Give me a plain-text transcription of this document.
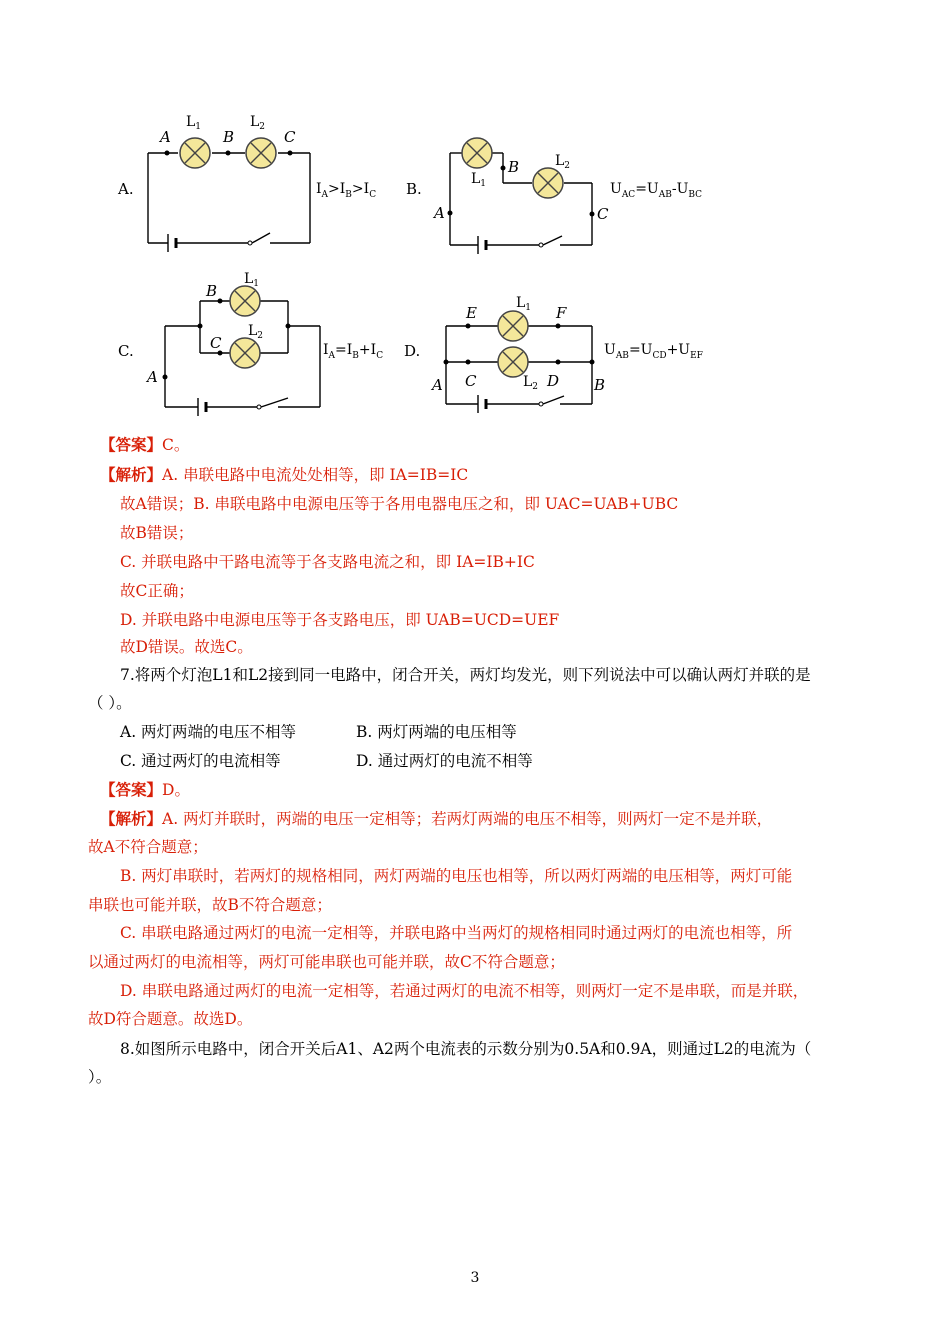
A.
A	B	C
$L_1$	$L_2$
$I_A>I_B>I_C$ B.
A
B
C
$L_1$
$L_2$
$U_{AC}=U_{AB}-U_{BC}$
C.
A
B
C
$L_1$
$L_2$
$I_A=I_B+I_C$ D.
A	B
C	D
E	F
$L_1$
$L_2$
$U_{AB}=U_{CD}+U_{EF}$
【答案】C。
【解析】A. 串联电路中电流处处相等，即 IA=IB=IC
故A错误；B. 串联电路中电源电压等于各用电器电压之和，即 UAC=UAB+UBC
故B错误；
C. 并联电路中干路电流等于各支路电流之和，即 IA=IB+IC
故C正确；
D. 并联电路中电源电压等于各支路电压，即 UAB=UCD=UEF
故D错误。故选C。
7.将两个灯泡L1和L2接到同一电路中，闭合开关，两灯均发光，则下列说法中可以确认两灯并联的是
（ ）。
A. 两灯两端的电压不相等	B. 两灯两端的电压相等
C. 通过两灯的电流相等	D. 通过两灯的电流不相等
【答案】D。
【解析】A. 两灯并联时，两端的电压一定相等；若两灯两端的电压不相等，则两灯一定不是并联，
故A不符合题意；
B. 两灯串联时，若两灯的规格相同，两灯两端的电压也相等，所以两灯两端的电压相等，两灯可能
串联也可能并联，故B不符合题意；
C. 串联电路通过两灯的电流一定相等，并联电路中当两灯的规格相同时通过两灯的电流也相等，所
以通过两灯的电流相等，两灯可能串联也可能并联，故C不符合题意；
D. 串联电路通过两灯的电流一定相等，若通过两灯的电流不相等，则两灯一定不是串联，而是并联，
故D符合题意。故选D。
8.如图所示电路中，闭合开关后A1、A2两个电流表的示数分别为0.5A和0.9A，则通过L2的电流为（
）。
3
